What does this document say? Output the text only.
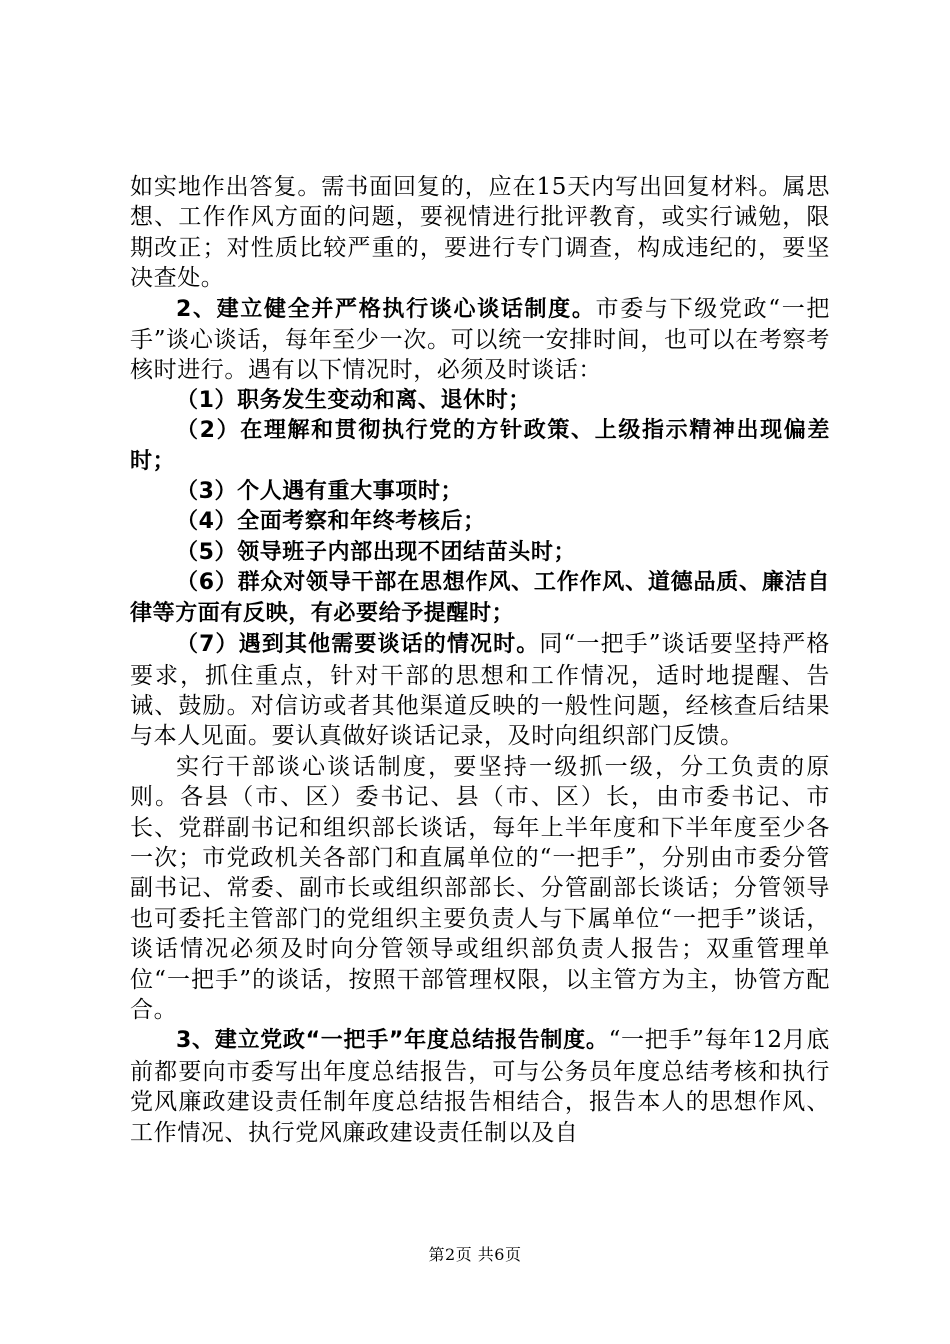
如实地作出答复。需书面回复的，应在15天内写出回复材料。属思想、工作作风方面的问题，要视情进行批评教育，或实行诫勉，限期改正；对性质比较严重的，要进行专门调查，构成违纪的，要坚决查处。

2、建立健全并严格执行谈心谈话制度。市委与下级党政“一把手”谈心谈话，每年至少一次。可以统一安排时间，也可以在考察考核时进行。遇有以下情况时，必须及时谈话：

（1）职务发生变动和离、退休时；

（2）在理解和贯彻执行党的方针政策、上级指示精神出现偏差时；

（3）个人遇有重大事项时；

（4）全面考察和年终考核后；

（5）领导班子内部出现不团结苗头时；

（6）群众对领导干部在思想作风、工作作风、道德品质、廉洁自律等方面有反映，有必要给予提醒时；

（7）遇到其他需要谈话的情况时。同“一把手”谈话要坚持严格要求，抓住重点，针对干部的思想和工作情况，适时地提醒、告诫、鼓励。对信访或者其他渠道反映的一般性问题，经核查后结果与本人见面。要认真做好谈话记录，及时向组织部门反馈。

实行干部谈心谈话制度，要坚持一级抓一级，分工负责的原则。各县（市、区）委书记、县（市、区）长，由市委书记、市长、党群副书记和组织部长谈话，每年上半年度和下半年度至少各一次；市党政机关各部门和直属单位的“一把手”，分别由市委分管副书记、常委、副市长或组织部部长、分管副部长谈话；分管领导也可委托主管部门的党组织主要负责人与下属单位“一把手”谈话，谈话情况必须及时向分管领导或组织部负责人报告；双重管理单位“一把手”的谈话，按照干部管理权限，以主管方为主，协管方配合。

3、建立党政“一把手”年度总结报告制度。“一把手”每年12月底前都要向市委写出年度总结报告，可与公务员年度总结考核和执行党风廉政建设责任制年度总结报告相结合，报告本人的思想作风、工作情况、执行党风廉政建设责任制以及自

第2页 共6页
